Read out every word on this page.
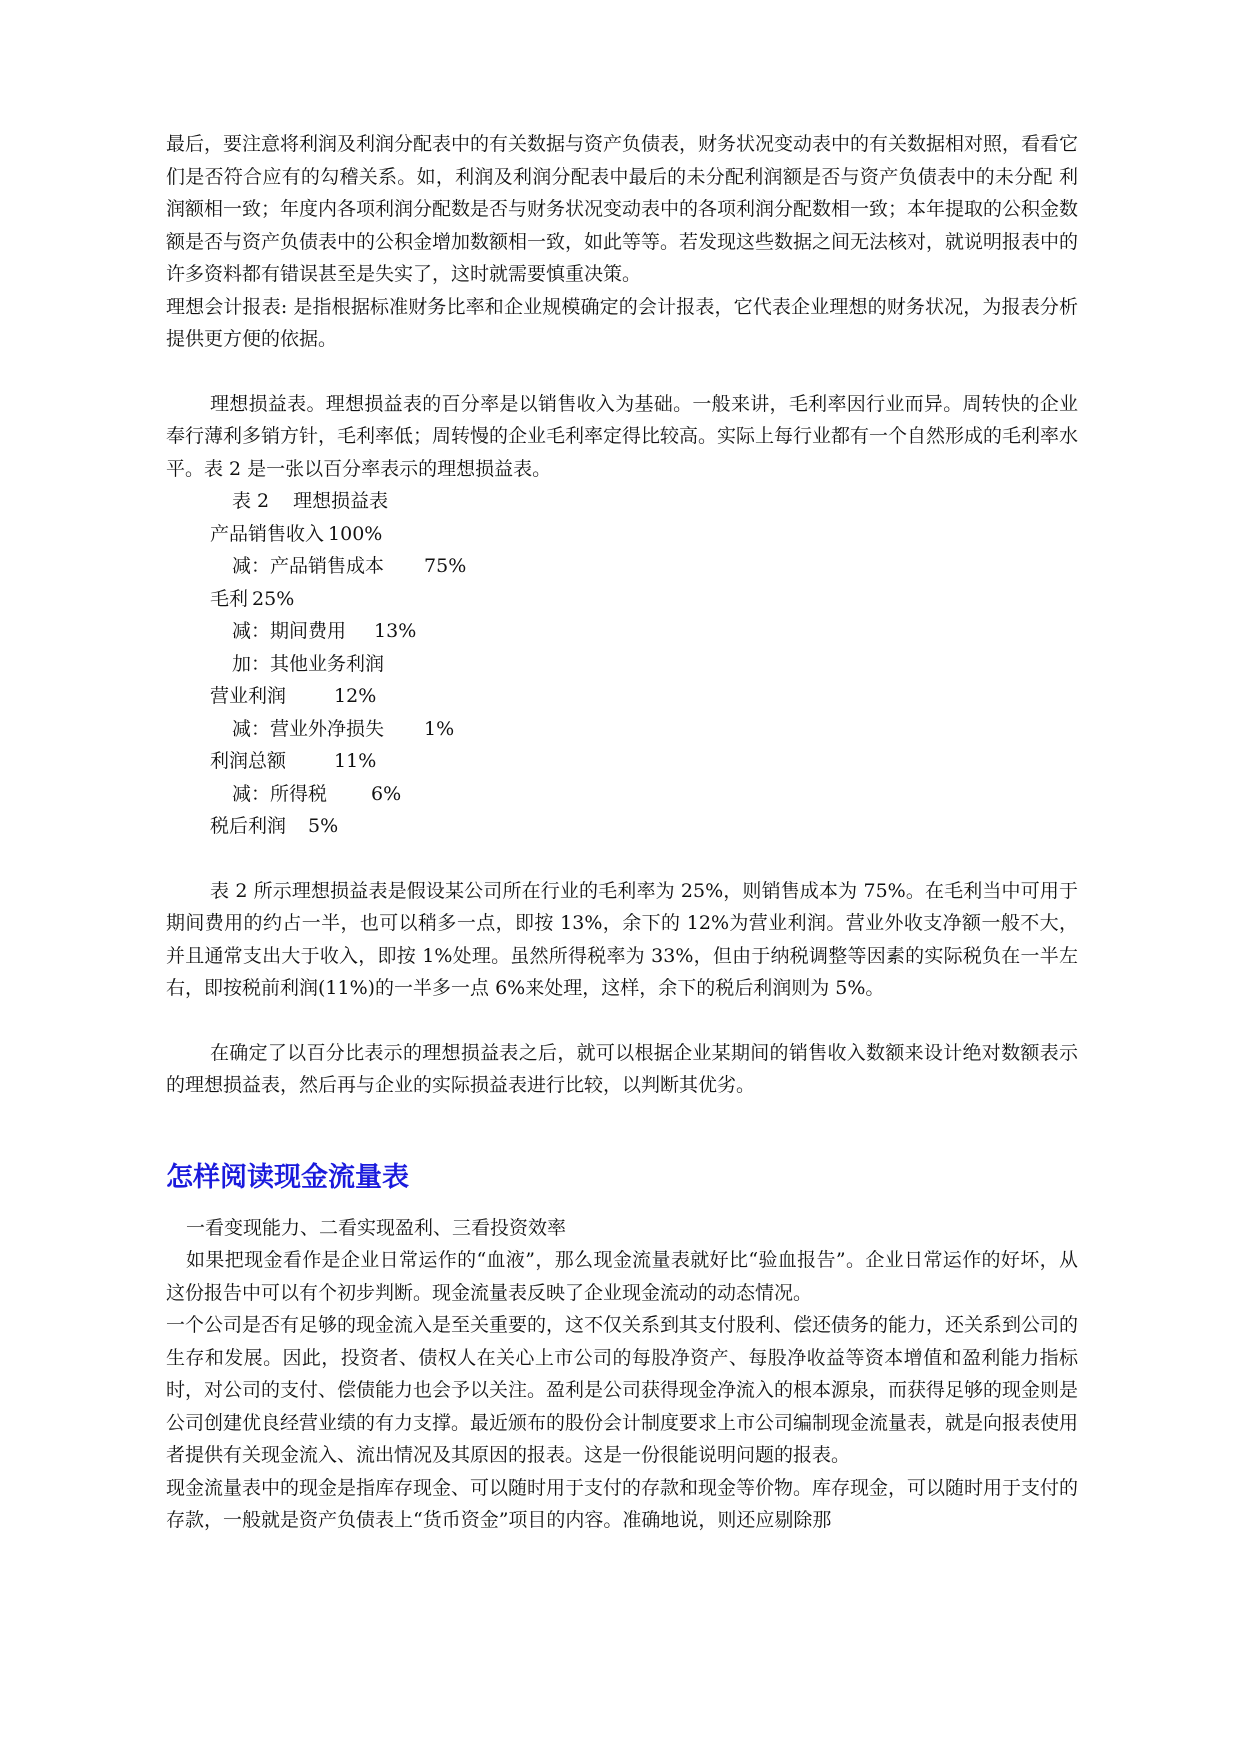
最后，要注意将利润及利润分配表中的有关数据与资产负债表，财务状况变动表中的有关数据相对照，看看它们是否符合应有的勾稽关系。如，利润及利润分配表中最后的未分配利润额是否与资产负债表中的未分配 利润额相一致；年度内各项利润分配数是否与财务状况变动表中的各项利润分配数相一致；本年提取的公积金数额是否与资产负债表中的公积金增加数额相一致，如此等等。若发现这些数据之间无法核对，就说明报表中的许多资料都有错误甚至是失实了，这时就需要慎重决策。

理想会计报表: 是指根据标准财务比率和企业规模确定的会计报表，它代表企业理想的财务状况，为报表分析提供更方便的依据。

理想损益表。理想损益表的百分率是以销售收入为基础。一般来讲，毛利率因行业而异。周转快的企业奉行薄利多销方针，毛利率低；周转慢的企业毛利率定得比较高。实际上每行业都有一个自然形成的毛利率水平。表 2 是一张以百分率表示的理想损益表。

表 2 理想损益表
产品销售收入 100%
减：产品销售成本 75%
毛利 25%
减：期间费用 13%
加：其他业务利润
营业利润	12%
减：营业外净损失 1%
利润总额	11%
减：所得税 6%
税后利润 5%

表 2 所示理想损益表是假设某公司所在行业的毛利率为 25%，则销售成本为 75%。在毛利当中可用于期间费用的约占一半，也可以稍多一点，即按 13%，余下的 12%为营业利润。营业外收支净额一般不大，并且通常支出大于收入，即按 1%处理。虽然所得税率为 33%，但由于纳税调整等因素的实际税负在一半左右，即按税前利润(11%)的一半多一点 6%来处理，这样，余下的税后利润则为 5%。

在确定了以百分比表示的理想损益表之后，就可以根据企业某期间的销售收入数额来设计绝对数额表示的理想损益表，然后再与企业的实际损益表进行比较，以判断其优劣。

怎样阅读现金流量表

一看变现能力、二看实现盈利、三看投资效率

如果把现金看作是企业日常运作的“血液”，那么现金流量表就好比“验血报告”。企业日常运作的好坏，从这份报告中可以有个初步判断。现金流量表反映了企业现金流动的动态情况。

一个公司是否有足够的现金流入是至关重要的，这不仅关系到其支付股利、偿还债务的能力，还关系到公司的生存和发展。因此，投资者、债权人在关心上市公司的每股净资产、每股净收益等资本增值和盈利能力指标时，对公司的支付、偿债能力也会予以关注。盈利是公司获得现金净流入的根本源泉，而获得足够的现金则是公司创建优良经营业绩的有力支撑。最近颁布的股份会计制度要求上市公司编制现金流量表，就是向报表使用者提供有关现金流入、流出情况及其原因的报表。这是一份很能说明问题的报表。

现金流量表中的现金是指库存现金、可以随时用于支付的存款和现金等价物。库存现金，可以随时用于支付的存款，一般就是资产负债表上“货币资金”项目的内容。准确地说，则还应剔除那
